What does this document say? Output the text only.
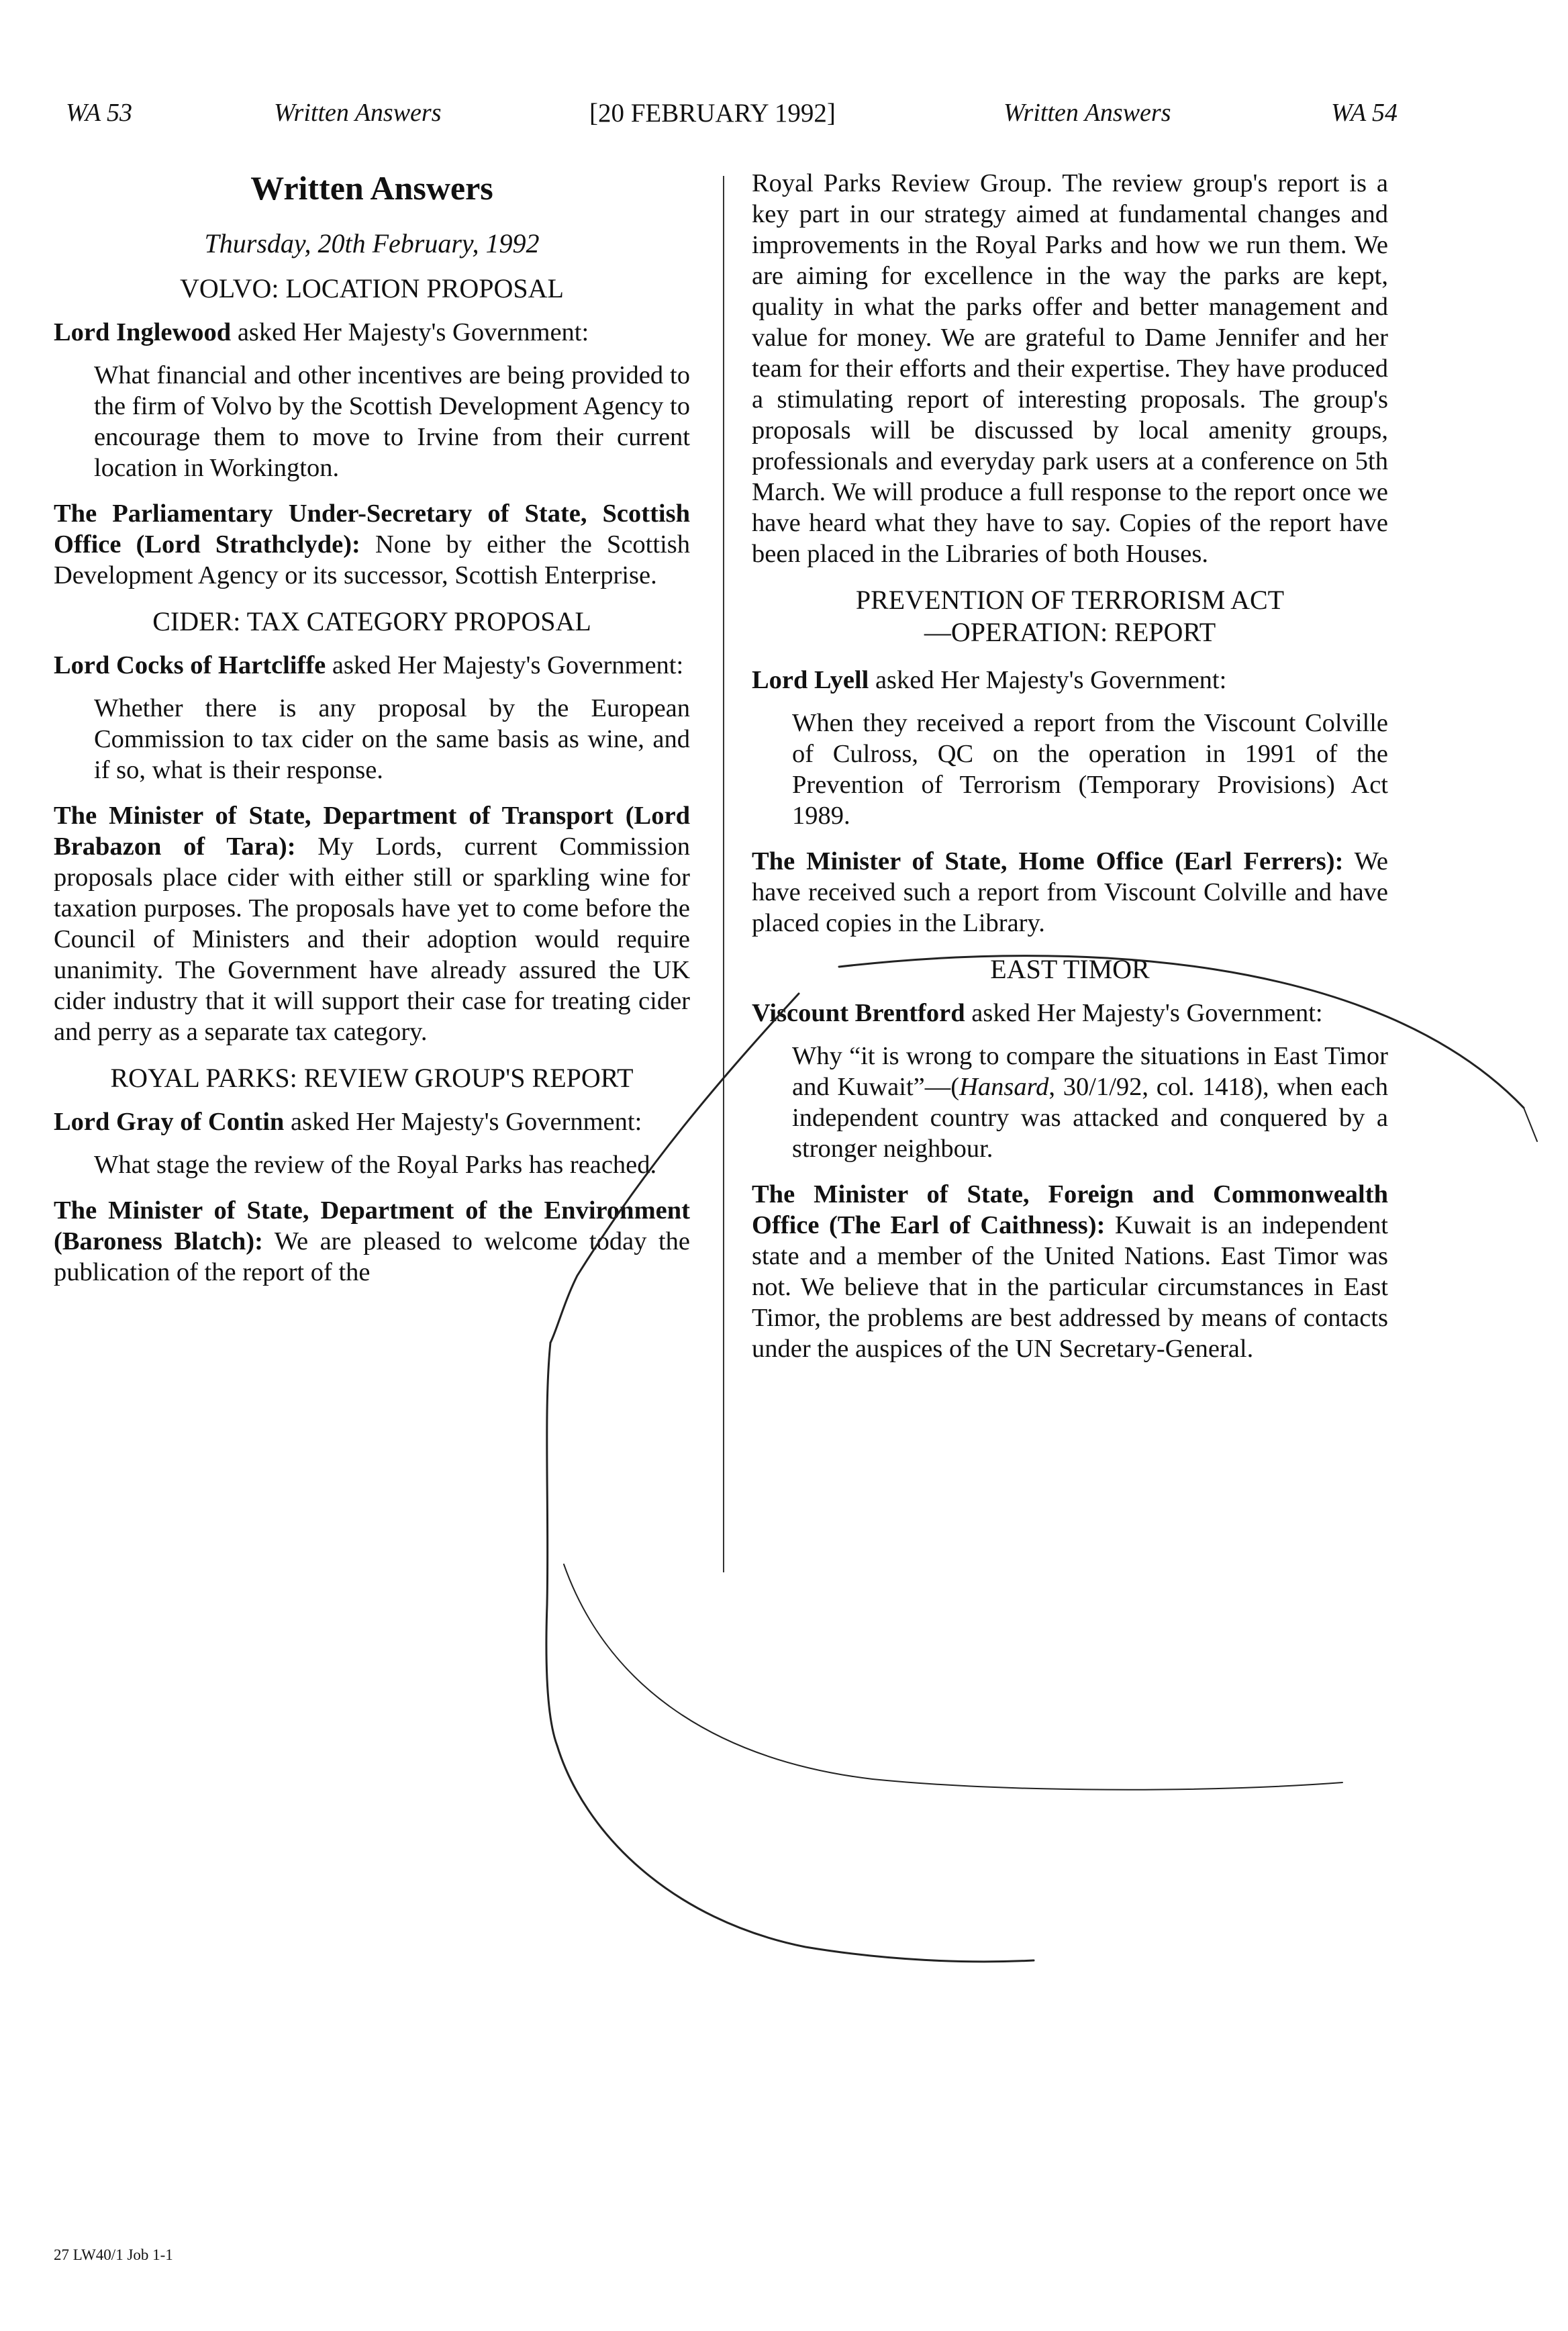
WA 53	Written Answers	[20 FEBRUARY 1992]	Written Answers	WA 54
Written Answers

Thursday, 20th February, 1992

VOLVO: LOCATION PROPOSAL

Lord Inglewood asked Her Majesty's Government:

What financial and other incentives are being provided to the firm of Volvo by the Scottish Development Agency to encourage them to move to Irvine from their current location in Workington.

The Parliamentary Under-Secretary of State, Scottish Office (Lord Strathclyde): None by either the Scottish Development Agency or its successor, Scottish Enterprise.

CIDER: TAX CATEGORY PROPOSAL

Lord Cocks of Hartcliffe asked Her Majesty's Government:

Whether there is any proposal by the European Commission to tax cider on the same basis as wine, and if so, what is their response.

The Minister of State, Department of Transport (Lord Brabazon of Tara): My Lords, current Commission proposals place cider with either still or sparkling wine for taxation purposes. The proposals have yet to come before the Council of Ministers and their adoption would require unanimity. The Government have already assured the UK cider industry that it will support their case for treating cider and perry as a separate tax category.

ROYAL PARKS: REVIEW GROUP'S REPORT

Lord Gray of Contin asked Her Majesty's Government:

What stage the review of the Royal Parks has reached.

The Minister of State, Department of the Environment (Baroness Blatch): We are pleased to welcome today the publication of the report of the

Royal Parks Review Group. The review group's report is a key part in our strategy aimed at fundamental changes and improvements in the Royal Parks and how we run them. We are aiming for excellence in the way the parks are kept, quality in what the parks offer and better management and value for money. We are grateful to Dame Jennifer and her team for their efforts and their expertise. They have produced a stimulating report of interesting proposals. The group's proposals will be discussed by local amenity groups, professionals and everyday park users at a conference on 5th March. We will produce a full response to the report once we have heard what they have to say. Copies of the report have been placed in the Libraries of both Houses.

PREVENTION OF TERRORISM ACT
—OPERATION: REPORT

Lord Lyell asked Her Majesty's Government:

When they received a report from the Viscount Colville of Culross, QC on the operation in 1991 of the Prevention of Terrorism (Temporary Provisions) Act 1989.

The Minister of State, Home Office (Earl Ferrers): We have received such a report from Viscount Colville and have placed copies in the Library.

EAST TIMOR

Viscount Brentford asked Her Majesty's Government:

Why “it is wrong to compare the situations in East Timor and Kuwait”—(Hansard, 30/1/92, col. 1418), when each independent country was attacked and conquered by a stronger neighbour.

The Minister of State, Foreign and Commonwealth Office (The Earl of Caithness): Kuwait is an independent state and a member of the United Nations. East Timor was not. We believe that in the particular circumstances in East Timor, the problems are best addressed by means of contacts under the auspices of the UN Secretary-General.

27 LW40/1 Job 1-1
